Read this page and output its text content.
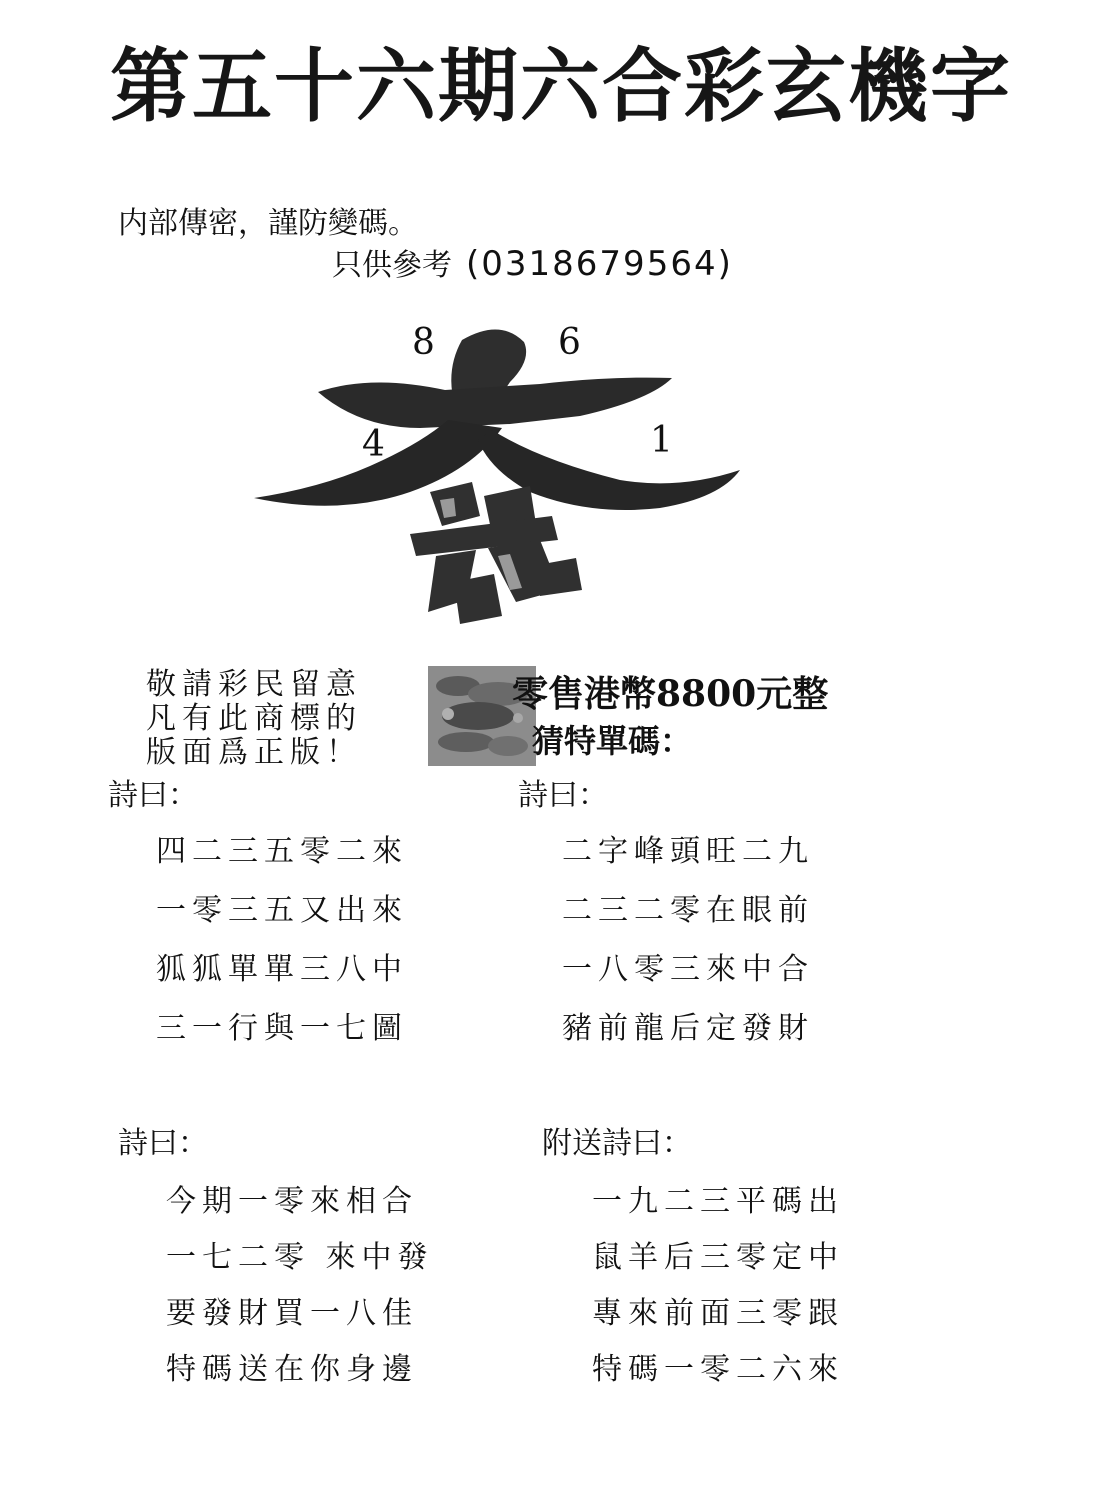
第五十六期六合彩玄機字
内部傳密，謹防變碼。
只供參考 (0318679564)
8	6
4	1
敬請彩民留意
凡有此商標的
版面爲正版！
零售港幣8800元整
猜特單碼：
詩曰：	詩曰：
四二三五零二來
一零三五又出來
狐狐單單三八中
三一行與一七圖
二字峰頭旺二九
二三二零在眼前
一八零三來中合
豬前龍后定發財
詩曰：	附送詩曰：
今期一零來相合
一七二零 來中發
要發財買一八佳
特碼送在你身邊
一九二三平碼出
鼠羊后三零定中
專來前面三零跟
特碼一零二六來
